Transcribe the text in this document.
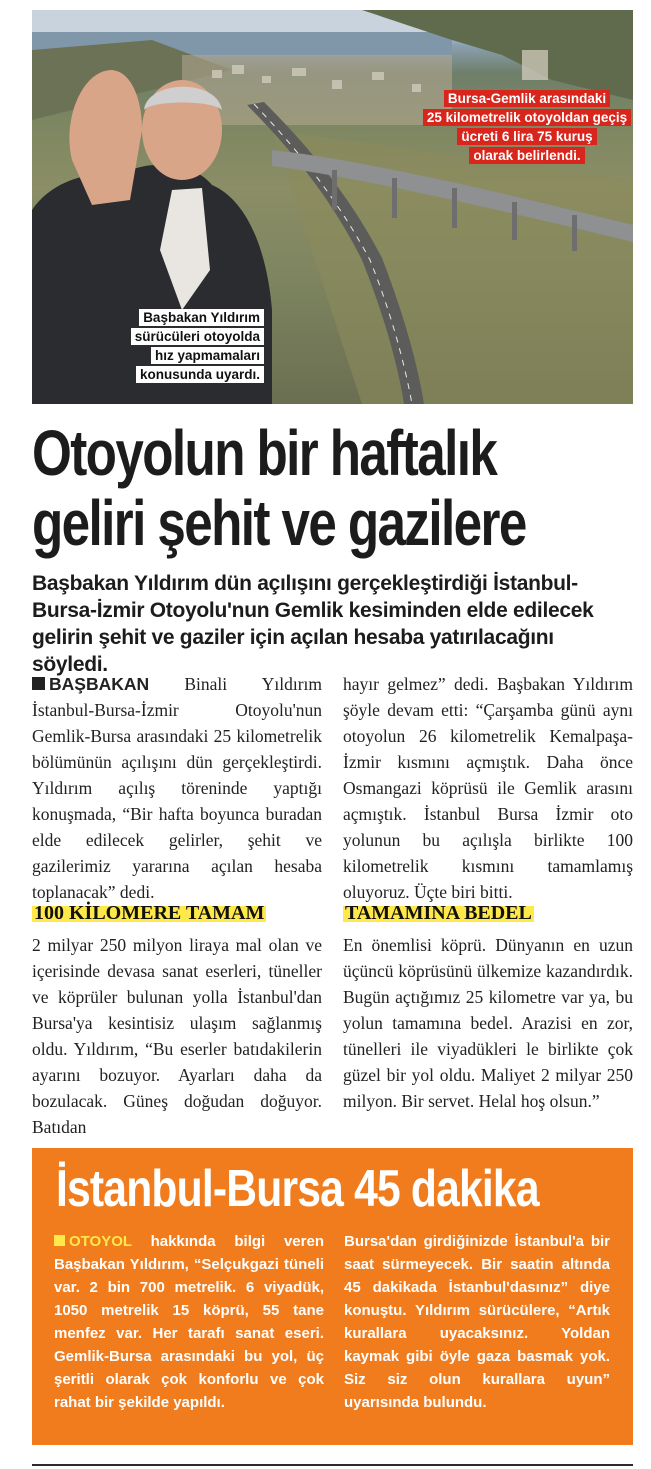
Bursa-Gemlik arasındaki
25 kilometrelik otoyoldan geçiş
ücreti 6 lira 75 kuruş
olarak belirlendi.
Başbakan Yıldırım
sürücüleri otoyolda
hız yapmamaları
konusunda uyardı.
Otoyolun bir haftalık
geliri şehit ve gazilere

Başbakan Yıldırım dün açılışını gerçekleştirdiği İstanbul-Bursa-İzmir Otoyolu'nun Gemlik kesiminden elde edilecek gelirin şehit ve gaziler için açılan hesaba yatırılacağını söyledi.

BAŞBAKAN Binali Yıldırım İstanbul-Bursa-İzmir Otoyolu'nun Gemlik-Bursa arasındaki 25 kilometrelik bölümünün açılışını dün gerçekleştirdi. Yıldırım açılış töreninde yaptığı konuşmada, “Bir hafta boyunca buradan elde edilecek gelirler, şehit ve gazilerimiz yararına açılan hesaba toplanacak” dedi.
hayır gelmez” dedi. Başbakan Yıldırım şöyle devam etti: “Çarşamba günü aynı otoyolun 26 kilometrelik Kemalpaşa-İzmir kısmını açmıştık. Daha önce Osmangazi köprüsü ile Gemlik arasını açmıştık. İstanbul Bursa İzmir oto yolunun bu açılışla birlikte 100 kilometrelik kısmını tamamlamış oluyoruz. Üçte biri bitti.
100 KİLOMERE TAMAM	TAMAMINA BEDEL
2 milyar 250 milyon liraya mal olan ve içerisinde devasa sanat eserleri, tüneller ve köprüler bulunan yolla İstanbul'dan Bursa'ya kesintisiz ulaşım sağlanmış oldu. Yıldırım, “Bu eserler batıdakilerin ayarını bozuyor. Ayarları daha da bozulacak. Güneş doğudan doğuyor. Batıdan
En önemlisi köprü. Dünyanın en uzun üçüncü köprüsünü ülkemize kazandırdık. Bugün açtığımız 25 kilometre var ya, bu yolun tamamına bedel. Arazisi en zor, tünelleri ile viyadükleri le birlikte çok güzel bir yol oldu. Maliyet 2 milyar 250 milyon. Bir servet. Helal hoş olsun.”
İstanbul-Bursa 45 dakika
OTOYOL hakkında bilgi veren Başbakan Yıldırım, “Selçukgazi tüneli var. 2 bin 700 metrelik. 6 viyadük, 1050 metrelik 15 köprü, 55 tane menfez var. Her tarafı sanat eseri. Gemlik-Bursa arasındaki bu yol, üç şeritli olarak çok konforlu ve çok rahat bir şekilde yapıldı.
Bursa'dan girdiğinizde İstanbul'a bir saat sürmeyecek. Bir saatin altında 45 dakikada İstanbul'dasınız” diye konuştu. Yıldırım sürücülere, “Artık kurallara uyacaksınız. Yoldan kaymak gibi öyle gaza basmak yok. Siz siz olun kurallara uyun” uyarısında bulundu.
